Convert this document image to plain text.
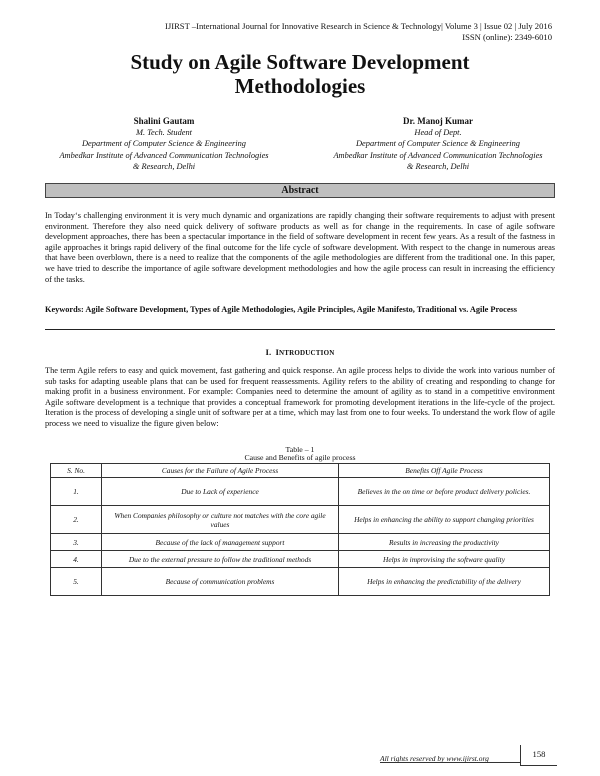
IJIRST –International Journal for Innovative Research in Science & Technology| Volume 3 | Issue 02 | July 2016
ISSN (online): 2349-6010
Study on Agile Software Development
Methodologies
Shalini Gautam
M. Tech. Student
Department of Computer Science & Engineering
Ambedkar Institute of Advanced Communication Technologies
& Research, Delhi
Dr. Manoj Kumar
Head of Dept.
Department of Computer Science & Engineering
Ambedkar Institute of Advanced Communication Technologies
& Research, Delhi
Abstract

In Today‘s challenging environment it is very much dynamic and organizations are rapidly changing their software requirements to adjust with present environment. Therefore they also need quick delivery of software products as well as for change in the requirements. In case of agile software development approaches, there has been a spectacular importance in the field of software development in recent few years. As a result of the fastness in agile approaches it brings rapid delivery of the final outcome for the life cycle of software development. With respect to the change in numerous areas that have been overblown, there is a need to realize that the components of the agile methodologies are different from the traditional one. In this paper, we have tried to describe the importance of agile software development methodologies and how the agile process can result in increasing the efficiency of the tasks.

Keywords: Agile Software Development, Types of Agile Methodologies, Agile Principles, Agile Manifesto, Traditional vs. Agile Process

I. INTRODUCTION

The term Agile refers to easy and quick movement, fast gathering and quick response. An agile process helps to divide the work into various number of sub tasks for adapting useable plans that can be used for frequent reassessments. Agility refers to the ability of creating and responding to change for making profit in a business environment. For example: Companies need to determine the amount of agility as to stand in a competitive environment Agile software development is a technique that provides a conceptual framework for promoting development iterations in the life-cycle of the project. Iteration is the process of developing a single unit of software per at a time, which may last from one to four weeks. To understand the work flow of agile process we need to visualize the figure given below:

Table – 1
Cause and Benefits of agile process
S. No.	Causes for the Failure of Agile Process	Benefits Off Agile Process
1.	Due to Lack of experience	Believes in the on time or before product delivery policies.
2.	When Companies philosophy or culture not matches with the core agile values	Helps in enhancing the ability to support changing priorities
3.	Because of the lack of management support	Results in increasing the productivity
4.	Due to the external pressure to follow the traditional methods	Helps in improvising the software quality
5.	Because of communication problems	Helps in enhancing the predictability of the delivery
All rights reserved by www.ijirst.org	158
